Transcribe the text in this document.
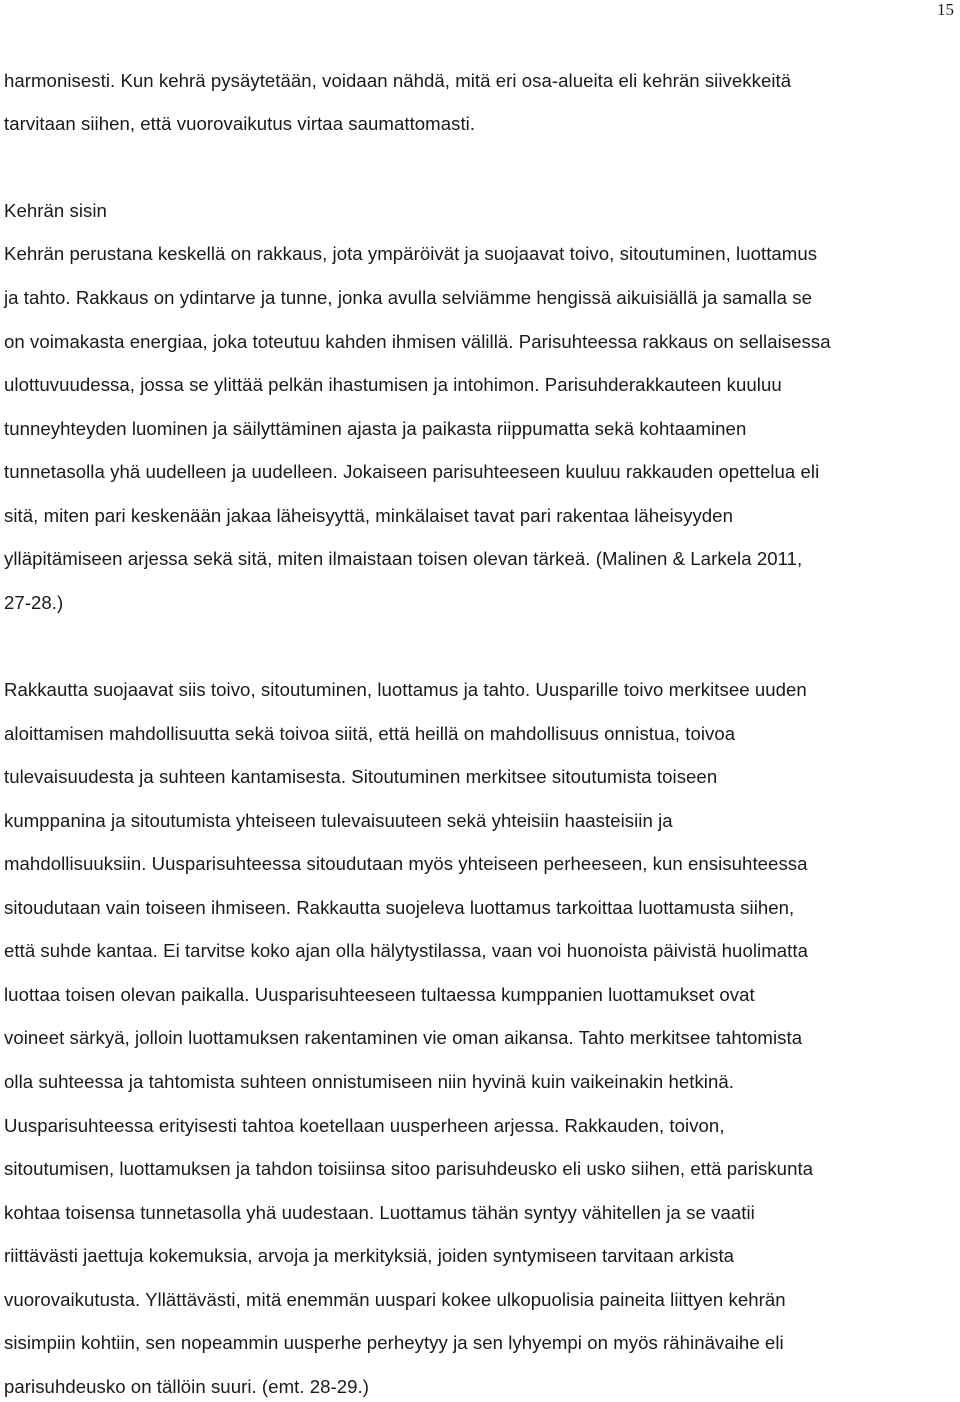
15
harmonisesti. Kun kehrä pysäytetään, voidaan nähdä, mitä eri osa-alueita eli kehrän siivekkeitä
tarvitaan siihen, että vuorovaikutus virtaa saumattomasti.
Kehrän sisin
Kehrän perustana keskellä on rakkaus, jota ympäröivät ja suojaavat toivo, sitoutuminen, luottamus
ja tahto. Rakkaus on ydintarve ja tunne, jonka avulla selviämme hengissä aikuisiällä ja samalla se
on voimakasta energiaa, joka toteutuu kahden ihmisen välillä. Parisuhteessa rakkaus on sellaisessa
ulottuvuudessa, jossa se ylittää pelkän ihastumisen ja intohimon. Parisuhderakkauteen kuuluu
tunneyhteyden luominen ja säilyttäminen ajasta ja paikasta riippumatta sekä kohtaaminen
tunnetasolla yhä uudelleen ja uudelleen. Jokaiseen parisuhteeseen kuuluu rakkauden opettelua eli
sitä, miten pari keskenään jakaa läheisyyttä, minkälaiset tavat pari rakentaa läheisyyden
ylläpitämiseen arjessa sekä sitä, miten ilmaistaan toisen olevan tärkeä. (Malinen & Larkela 2011,
27-28.)
Rakkautta suojaavat siis toivo, sitoutuminen, luottamus ja tahto. Uusparille toivo merkitsee uuden
aloittamisen mahdollisuutta sekä toivoa siitä, että heillä on mahdollisuus onnistua, toivoa
tulevaisuudesta ja suhteen kantamisesta. Sitoutuminen merkitsee sitoutumista toiseen
kumppanina ja sitoutumista yhteiseen tulevaisuuteen sekä yhteisiin haasteisiin ja
mahdollisuuksiin. Uusparisuhteessa sitoudutaan myös yhteiseen perheeseen, kun ensisuhteessa
sitoudutaan vain toiseen ihmiseen. Rakkautta suojeleva luottamus tarkoittaa luottamusta siihen,
että suhde kantaa. Ei tarvitse koko ajan olla hälytystilassa, vaan voi huonoista päivistä huolimatta
luottaa toisen olevan paikalla. Uusparisuhteeseen tultaessa kumppanien luottamukset ovat
voineet särkyä, jolloin luottamuksen rakentaminen vie oman aikansa. Tahto merkitsee tahtomista
olla suhteessa ja tahtomista suhteen onnistumiseen niin hyvinä kuin vaikeinakin hetkinä.
Uusparisuhteessa erityisesti tahtoa koetellaan uusperheen arjessa. Rakkauden, toivon,
sitoutumisen, luottamuksen ja tahdon toisiinsa sitoo parisuhdeusko eli usko siihen, että pariskunta
kohtaa toisensa tunnetasolla yhä uudestaan. Luottamus tähän syntyy vähitellen ja se vaatii
riittävästi jaettuja kokemuksia, arvoja ja merkityksiä, joiden syntymiseen tarvitaan arkista
vuorovaikutusta. Yllättävästi, mitä enemmän uuspari kokee ulkopuolisia paineita liittyen kehrän
sisimpiin kohtiin, sen nopeammin uusperhe perheytyy ja sen lyhyempi on myös rähinävaihe eli
parisuhdeusko on tällöin suuri. (emt. 28-29.)
